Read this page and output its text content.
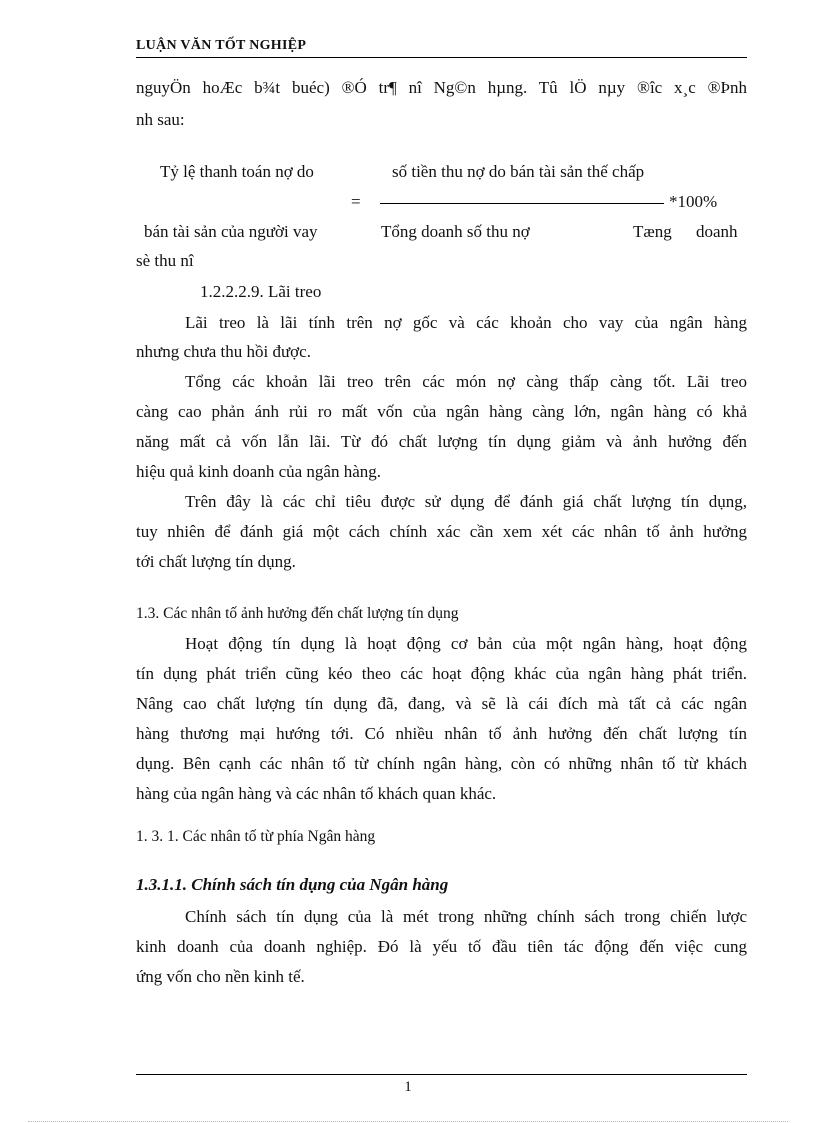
LUẬN VĂN TỐT NGHIỆP
nguyÖn hoÆc b¾t buéc) ®Ó tr¶ nî Ng©n hµng. Tû lÖ nµy ®îc x¸c ®Þnh
nh sau:
Tỷ lệ thanh toán nợ do	số tiền thu nợ do bán tài sản thế chấp
=	*100%
bán tài sản của người vay	Tổng doanh số thu nợ	Tæng doanh
sè thu nî
1.2.2.2.9. Lãi treo
Lãi treo là lãi tính trên nợ gốc và các khoản cho vay của ngân hàng
nhưng chưa thu hồi được.
Tổng các khoản lãi treo trên các món nợ càng thấp càng tốt. Lãi treo
càng cao phản ánh rủi ro mất vốn của ngân hàng càng lớn, ngân hàng có khả
năng mất cả vốn lẫn lãi. Từ đó chất lượng tín dụng giảm và ảnh hưởng đến
hiệu quả kinh doanh của ngân hàng.
Trên đây là các chỉ tiêu được sử dụng để đánh giá chất lượng tín dụng,
tuy nhiên để đánh giá một cách chính xác cần xem xét các nhân tố ảnh hưởng
tới chất lượng tín dụng.
1.3. Các nhân tố ảnh hưởng đến chất lượng tín dụng
Hoạt động tín dụng là hoạt động cơ bản của một ngân hàng, hoạt động
tín dụng phát triển cũng kéo theo các hoạt động khác của ngân hàng phát triển.
Nâng cao chất lượng tín dụng đã, đang, và sẽ là cái đích mà tất cả các ngân
hàng thương mại hướng tới. Có nhiều nhân tố ảnh hưởng đến chất lượng tín
dụng. Bên cạnh các nhân tố từ chính ngân hàng, còn có những nhân tố từ khách
hàng của ngân hàng và các nhân tố khách quan khác.
1. 3. 1. Các nhân tố từ phía Ngân hàng
1.3.1.1. Chính sách tín dụng của Ngân hàng
Chính sách tín dụng của là mét trong những chính sách trong chiến lược
kinh doanh của doanh nghiệp. Đó là yếu tố đầu tiên tác động đến việc cung
ứng vốn cho nền kinh tế.
1
